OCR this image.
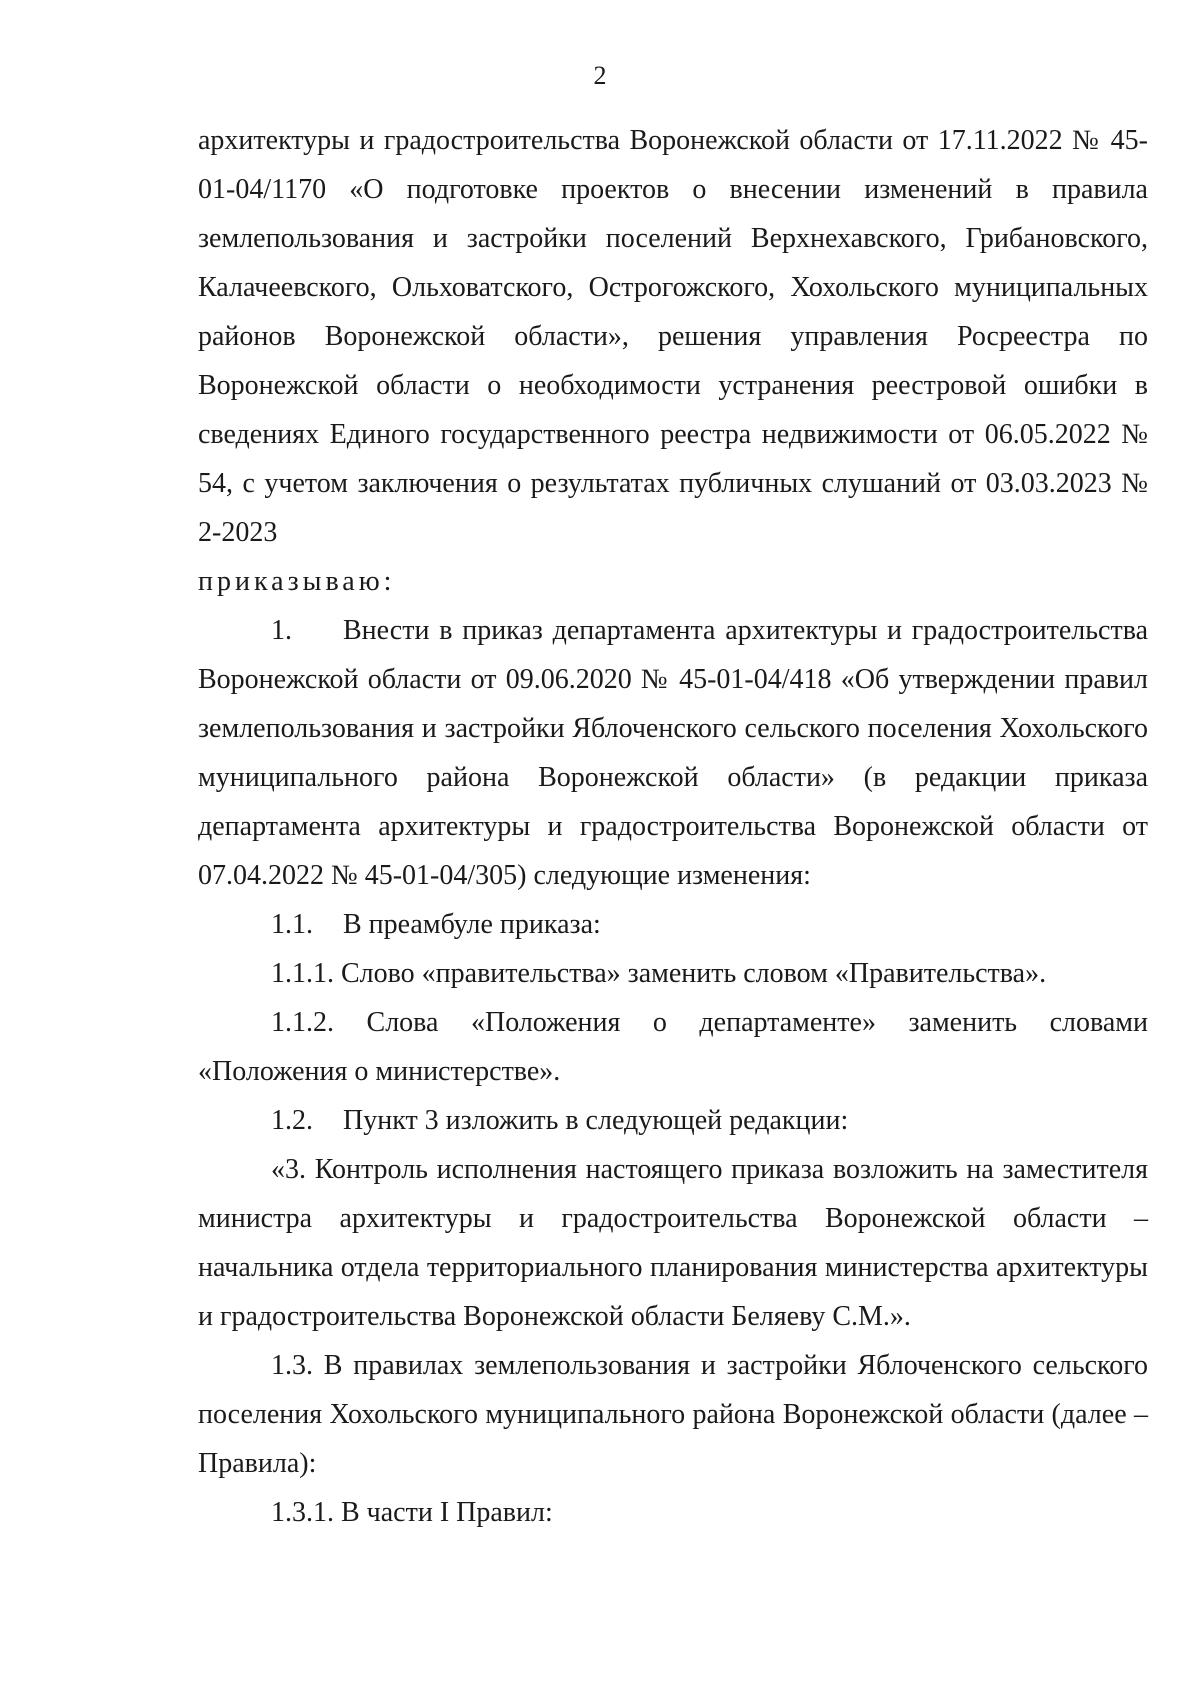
2

архитектуры и градостроительства Воронежской области от 17.11.2022 № 45-01-04/1170 «О подготовке проектов о внесении изменений в правила землепользования и застройки поселений Верхнехавского, Грибановского, Калачеевского, Ольховатского, Острогожского, Хохольского муниципальных районов Воронежской области», решения управления Росреестра по Воронежской области о необходимости устранения реестровой ошибки в сведениях Единого государственного реестра недвижимости от 06.05.2022 № 54, с учетом заключения о результатах публичных слушаний от 03.03.2023 № 2-2023

приказываю:

1. Внести в приказ департамента архитектуры и градостроительства Воронежской области от 09.06.2020 № 45-01-04/418 «Об утверждении правил землепользования и застройки Яблоченского сельского поселения Хохольского муниципального района Воронежской области» (в редакции приказа департамента архитектуры и градостроительства Воронежской области от 07.04.2022 № 45-01-04/305) следующие изменения:

1.1. В преамбуле приказа:

1.1.1. Слово «правительства» заменить словом «Правительства».

1.1.2. Слова «Положения о департаменте» заменить словами «Положения о министерстве».

1.2. Пункт 3 изложить в следующей редакции:

«3. Контроль исполнения настоящего приказа возложить на заместителя министра архитектуры и градостроительства Воронежской области – начальника отдела территориального планирования министерства архитектуры и градостроительства Воронежской области Беляеву С.М.».

1.3. В правилах землепользования и застройки Яблоченского сельского поселения Хохольского муниципального района Воронежской области (далее – Правила):

1.3.1. В части I Правил:
